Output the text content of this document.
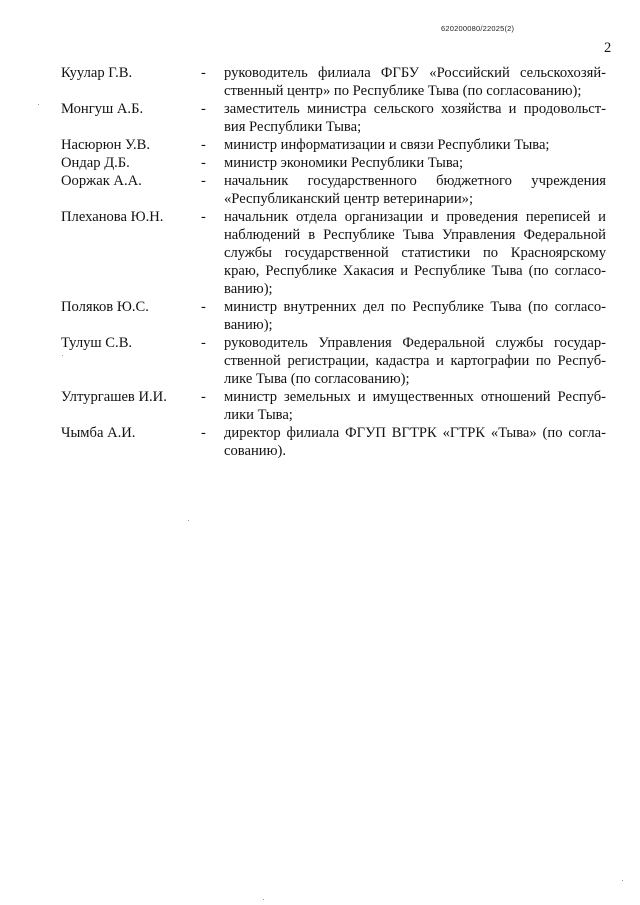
620200080/22025(2)
2
Куулар Г.В.	-	руководитель филиала ФГБУ «Российский сельскохозяй-
ственный центр» по Республике Тыва (по согласованию);
Монгуш А.Б.	-	заместитель министра сельского хозяйства и продовольст-
вия Республики Тыва;
Насюрюн У.В.	-	министр информатизации и связи Республики Тыва;
Ондар Д.Б.	-	министр экономики Республики Тыва;
Ооржак А.А.	-	начальник государственного бюджетного учреждения
«Республиканский центр ветеринарии»;
Плеханова Ю.Н.	-	начальник отдела организации и проведения переписей и
наблюдений в Республике Тыва Управления Федеральной
службы государственной статистики по Красноярскому
краю, Республике Хакасия и Республике Тыва (по согласо-
ванию);
Поляков Ю.С.	-	министр внутренних дел по Республике Тыва (по согласо-
ванию);
Тулуш С.В.	-	руководитель Управления Федеральной службы государ-
ственной регистрации, кадастра и картографии по Респуб-
лике Тыва (по согласованию);
Ултургашев И.И.	-	министр земельных и имущественных отношений Респуб-
лики Тыва;
Чымба А.И.	-	директор филиала ФГУП ВГТРК «ГТРК «Тыва» (по согла-
сованию).
